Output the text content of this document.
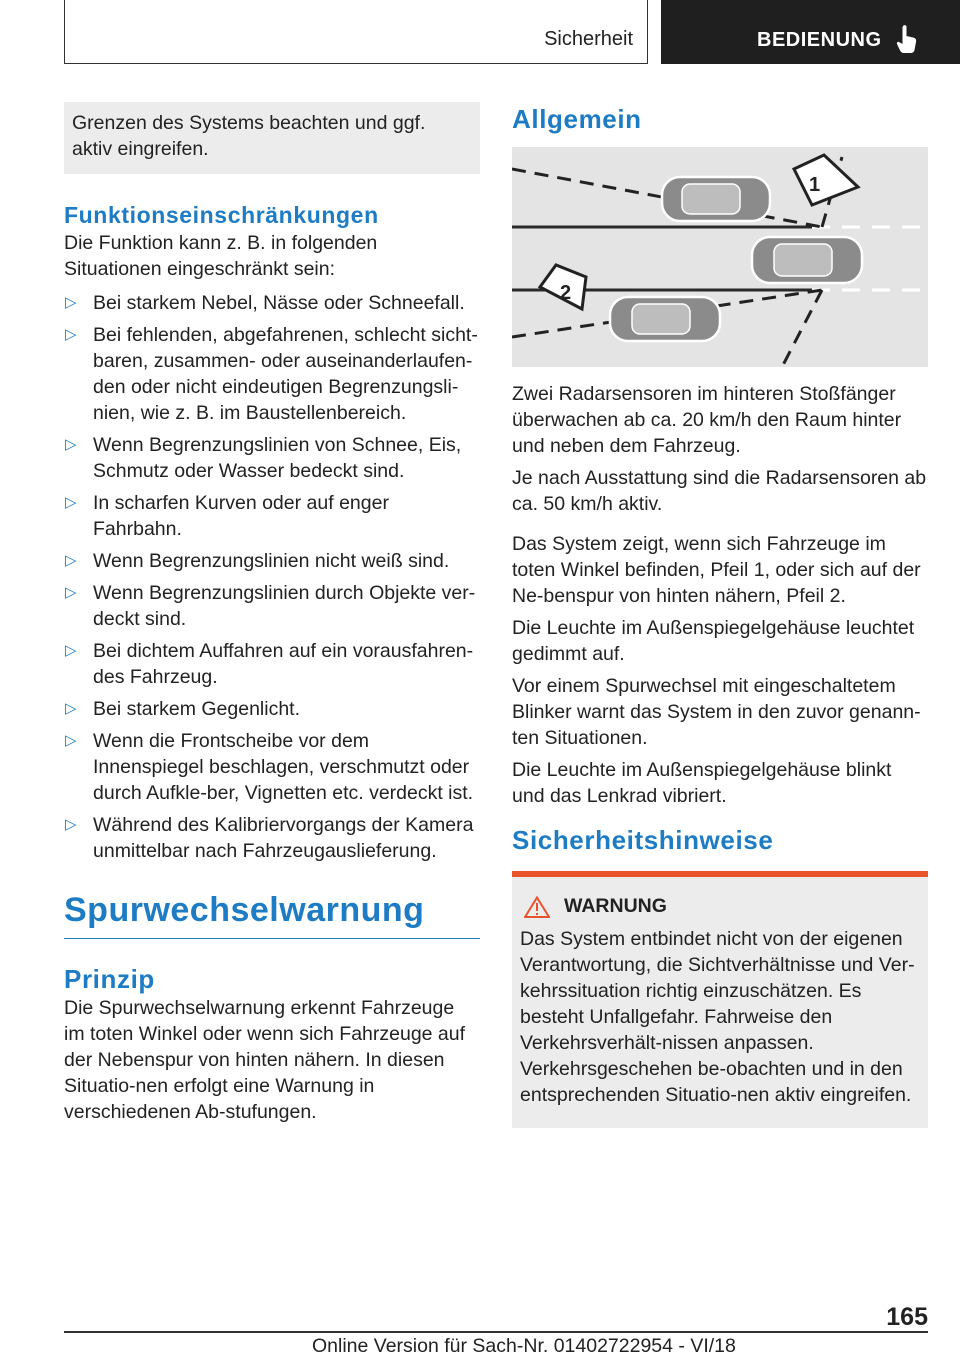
Sicherheit	BEDIENUNG
Grenzen des Systems beachten und ggf. aktiv eingreifen.
Funktionseinschränkungen

Die Funktion kann z. B. in folgenden Situationen eingeschränkt sein:

▷ Bei starkem Nebel, Nässe oder Schneefall.
▷ Bei fehlenden, abgefahrenen, schlecht sicht-baren, zusammen- oder auseinanderlaufen-den oder nicht eindeutigen Begrenzungsli-nien, wie z. B. im Baustellenbereich.
▷ Wenn Begrenzungslinien von Schnee, Eis, Schmutz oder Wasser bedeckt sind.
▷ In scharfen Kurven oder auf enger Fahrbahn.
▷ Wenn Begrenzungslinien nicht weiß sind.
▷ Wenn Begrenzungslinien durch Objekte ver-deckt sind.
▷ Bei dichtem Auffahren auf ein vorausfahren-des Fahrzeug.
▷ Bei starkem Gegenlicht.
▷ Wenn die Frontscheibe vor dem Innenspiegel beschlagen, verschmutzt oder durch Aufkle-ber, Vignetten etc. verdeckt ist.
▷ Während des Kalibriervorgangs der Kamera unmittelbar nach Fahrzeugauslieferung.
Spurwechselwarnung
Prinzip

Die Spurwechselwarnung erkennt Fahrzeuge im toten Winkel oder wenn sich Fahrzeuge auf der Nebenspur von hinten nähern. In diesen Situatio-nen erfolgt eine Warnung in verschiedenen Ab-stufungen.

Allgemein
1
2

Zwei Radarsensoren im hinteren Stoßfänger überwachen ab ca. 20 km/h den Raum hinter und neben dem Fahrzeug.

Je nach Ausstattung sind die Radarsensoren ab ca. 50 km/h aktiv.

Das System zeigt, wenn sich Fahrzeuge im toten Winkel befinden, Pfeil 1, oder sich auf der Ne-benspur von hinten nähern, Pfeil 2.

Die Leuchte im Außenspiegelgehäuse leuchtet gedimmt auf.

Vor einem Spurwechsel mit eingeschaltetem Blinker warnt das System in den zuvor genann-ten Situationen.

Die Leuchte im Außenspiegelgehäuse blinkt und das Lenkrad vibriert.

Sicherheitshinweise
WARNUNG

Das System entbindet nicht von der eigenen Verantwortung, die Sichtverhältnisse und Ver-kehrssituation richtig einzuschätzen. Es besteht Unfallgefahr. Fahrweise den Verkehrsverhält-nissen anpassen. Verkehrsgeschehen be-obachten und in den entsprechenden Situatio-nen aktiv eingreifen.

165
Online Version für Sach-Nr. 01402722954 - VI/18
